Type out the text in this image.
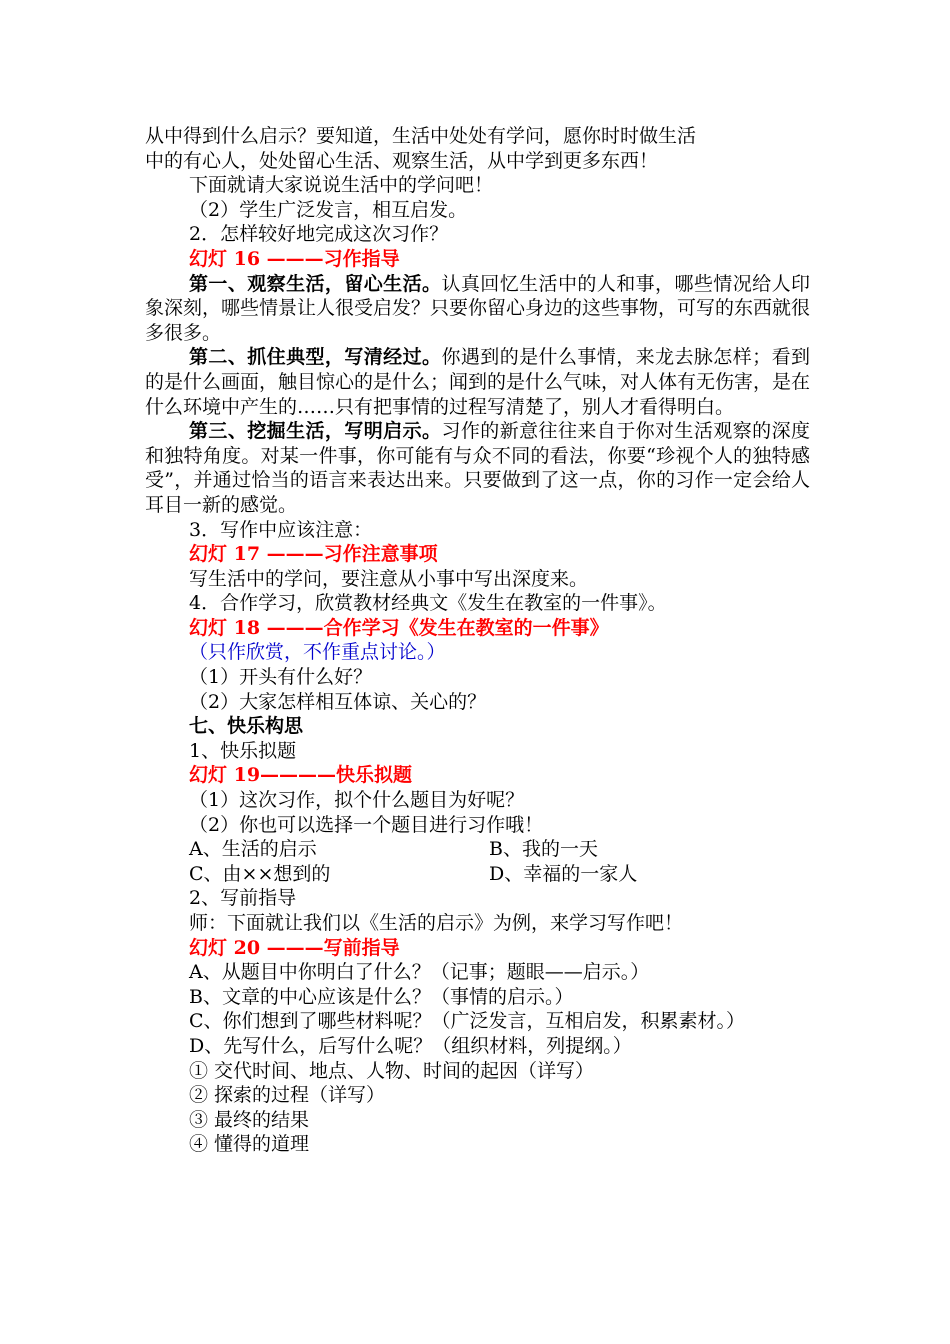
从中得到什么启示？要知道，生活中处处有学问，愿你时时做生活
中的有心人，处处留心生活、观察生活，从中学到更多东西！
下面就请大家说说生活中的学问吧！
（2）学生广泛发言，相互启发。
2．怎样较好地完成这次习作？
幻灯 16 ———习作指导
第一、观察生活，留心生活。认真回忆生活中的人和事，哪些情况给人印象深刻，哪些情景让人很受启发？只要你留心身边的这些事物，可写的东西就很多很多。
第二、抓住典型，写清经过。你遇到的是什么事情，来龙去脉怎样；看到的是什么画面，触目惊心的是什么；闻到的是什么气味，对人体有无伤害，是在什么环境中产生的……只有把事情的过程写清楚了，别人才看得明白。
第三、挖掘生活，写明启示。习作的新意往往来自于你对生活观察的深度和独特角度。对某一件事，你可能有与众不同的看法，你要“珍视个人的独特感受”，并通过恰当的语言来表达出来。只要做到了这一点，你的习作一定会给人耳目一新的感觉。
3．写作中应该注意：
幻灯 17 ———习作注意事项
写生活中的学问，要注意从小事中写出深度来。
4．合作学习，欣赏教材经典文《发生在教室的一件事》。
幻灯 18 ———合作学习《发生在教室的一件事》
（只作欣赏，不作重点讨论。）
（1）开头有什么好？
（2）大家怎样相互体谅、关心的？
七、快乐构思
1、快乐拟题
幻灯 19————快乐拟题
（1）这次习作，拟个什么题目为好呢？
（2）你也可以选择一个题目进行习作哦！
A、生活的启示	B、我的一天
C、由××想到的	D、幸福的一家人
2、写前指导
师：下面就让我们以《生活的启示》为例，来学习写作吧！
幻灯 20 ———写前指导
A、从题目中你明白了什么？（记事；题眼——启示。）
B、文章的中心应该是什么？（事情的启示。）
C、你们想到了哪些材料呢？（广泛发言，互相启发，积累素材。）
D、先写什么，后写什么呢？（组织材料，列提纲。）
① 交代时间、地点、人物、时间的起因（详写）
② 探索的过程（详写）
③ 最终的结果
④ 懂得的道理
